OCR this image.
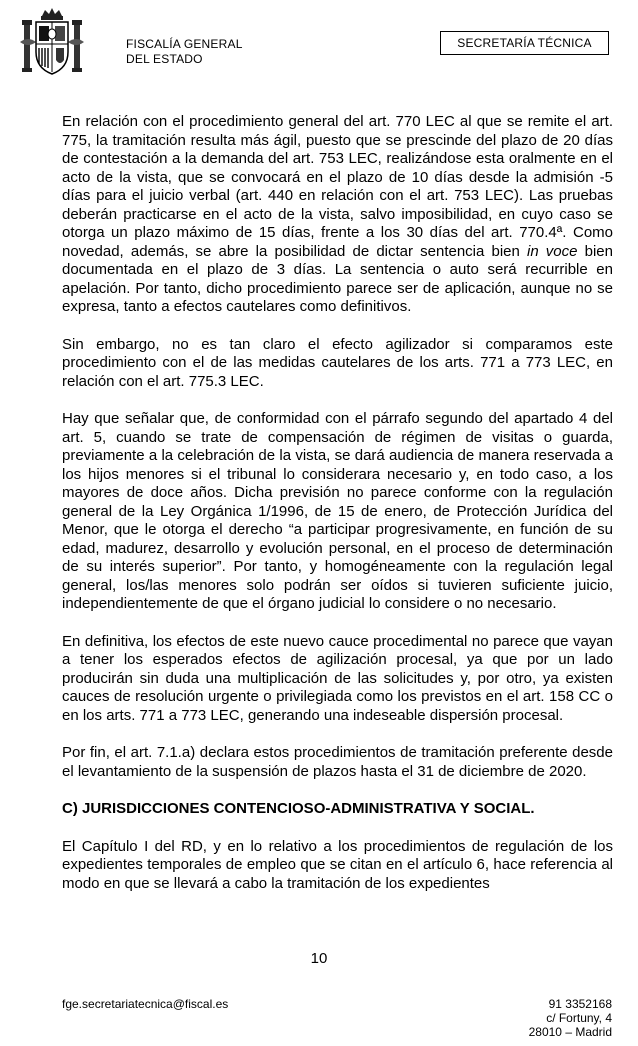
FISCALÍA GENERAL
DEL ESTADO
SECRETARÍA TÉCNICA

En relación con el procedimiento general del art. 770 LEC al que se remite el art. 775, la tramitación resulta más ágil, puesto que se prescinde del plazo de 20 días de contestación a la demanda del art. 753 LEC, realizándose esta oralmente en el acto de la vista, que se convocará en el plazo de 10 días desde la admisión -5 días para el juicio verbal (art. 440 en relación con el art. 753 LEC). Las pruebas deberán practicarse en el acto de la vista, salvo imposibilidad, en cuyo caso se otorga un plazo máximo de 15 días, frente a los 30 días del art. 770.4ª. Como novedad, además, se abre la posibilidad de dictar sentencia bien in voce bien documentada en el plazo de 3 días. La sentencia o auto será recurrible en apelación. Por tanto, dicho procedimiento parece ser de aplicación, aunque no se expresa, tanto a efectos cautelares como definitivos.

Sin embargo, no es tan claro el efecto agilizador si comparamos este procedimiento con el de las medidas cautelares de los arts. 771 a 773 LEC, en relación con el art. 775.3 LEC.

Hay que señalar que, de conformidad con el párrafo segundo del apartado 4 del art. 5, cuando se trate de compensación de régimen de visitas o guarda, previamente a la celebración de la vista, se dará audiencia de manera reservada a los hijos menores si el tribunal lo considerara necesario y, en todo caso, a los mayores de doce años. Dicha previsión no parece conforme con la regulación general de la Ley Orgánica 1/1996, de 15 de enero, de Protección Jurídica del Menor, que le otorga el derecho “a participar progresivamente, en función de su edad, madurez, desarrollo y evolución personal, en el proceso de determinación de su interés superior”. Por tanto, y homogéneamente con la regulación legal general, los/las menores solo podrán ser oídos si tuvieren suficiente juicio, independientemente de que el órgano judicial lo considere o no necesario.

En definitiva, los efectos de este nuevo cauce procedimental no parece que vayan a tener los esperados efectos de agilización procesal, ya que por un lado producirán sin duda una multiplicación de las solicitudes y, por otro, ya existen cauces de resolución urgente o privilegiada como los previstos en el art. 158 CC o en los arts. 771 a 773 LEC, generando una indeseable dispersión procesal.

Por fin, el art. 7.1.a) declara estos procedimientos de tramitación preferente desde el levantamiento de la suspensión de plazos hasta el 31 de diciembre de 2020.

C) JURISDICCIONES CONTENCIOSO-ADMINISTRATIVA Y SOCIAL.

El Capítulo I del RD, y en lo relativo a los procedimientos de regulación de los expedientes temporales de empleo que se citan en el artículo 6, hace referencia al modo en que se llevará a cabo la tramitación de los expedientes

10
fge.secretariatecnica@fiscal.es	91 3352168
c/ Fortuny, 4
28010 – Madrid
